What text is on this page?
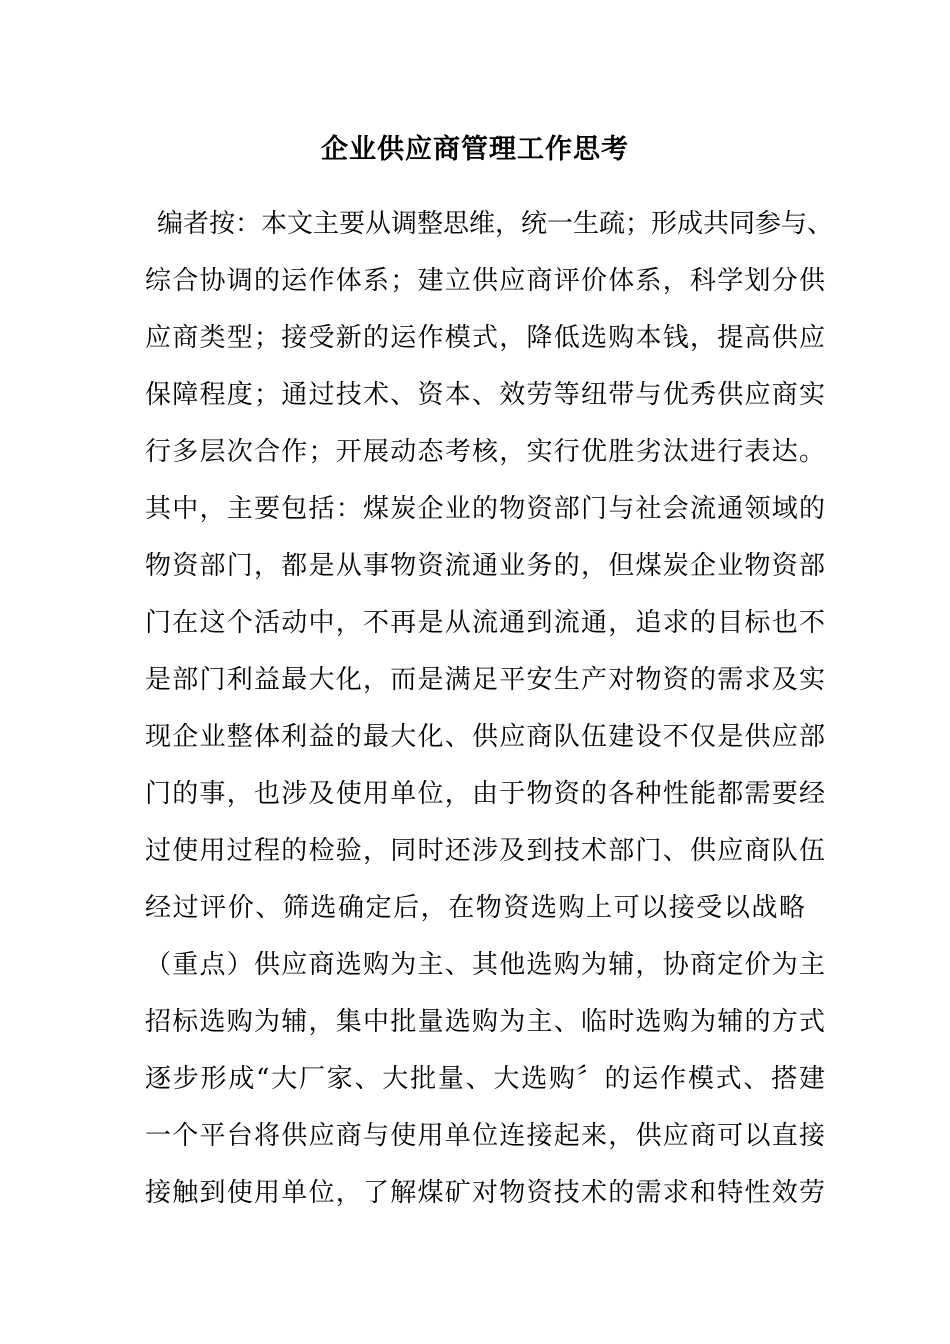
企业供应商管理工作思考
编者按：本文主要从调整思维，统一生疏；形成共同参与、
综合协调的运作体系；建立供应商评价体系，科学划分供
应商类型；接受新的运作模式，降低选购本钱，提高供应
保障程度；通过技术、资本、效劳等纽带与优秀供应商实
行多层次合作；开展动态考核，实行优胜劣汰进行表达。
其中，主要包括：煤炭企业的物资部门与社会流通领域的
物资部门，都是从事物资流通业务的，但煤炭企业物资部
门在这个活动中，不再是从流通到流通，追求的目标也不
是部门利益最大化，而是满足平安生产对物资的需求及实
现企业整体利益的最大化、供应商队伍建设不仅是供应部
门的事，也涉及使用单位，由于物资的各种性能都需要经
过使用过程的检验，同时还涉及到技术部门、供应商队伍
经过评价、筛选确定后，在物资选购上可以接受以战略
（重点）供应商选购为主、其他选购为辅，协商定价为主
招标选购为辅，集中批量选购为主、临时选购为辅的方式
逐步形成“大厂家、大批量、大选购〞的运作模式、搭建
一个平台将供应商与使用单位连接起来，供应商可以直接
接触到使用单位，了解煤矿对物资技术的需求和特性效劳
